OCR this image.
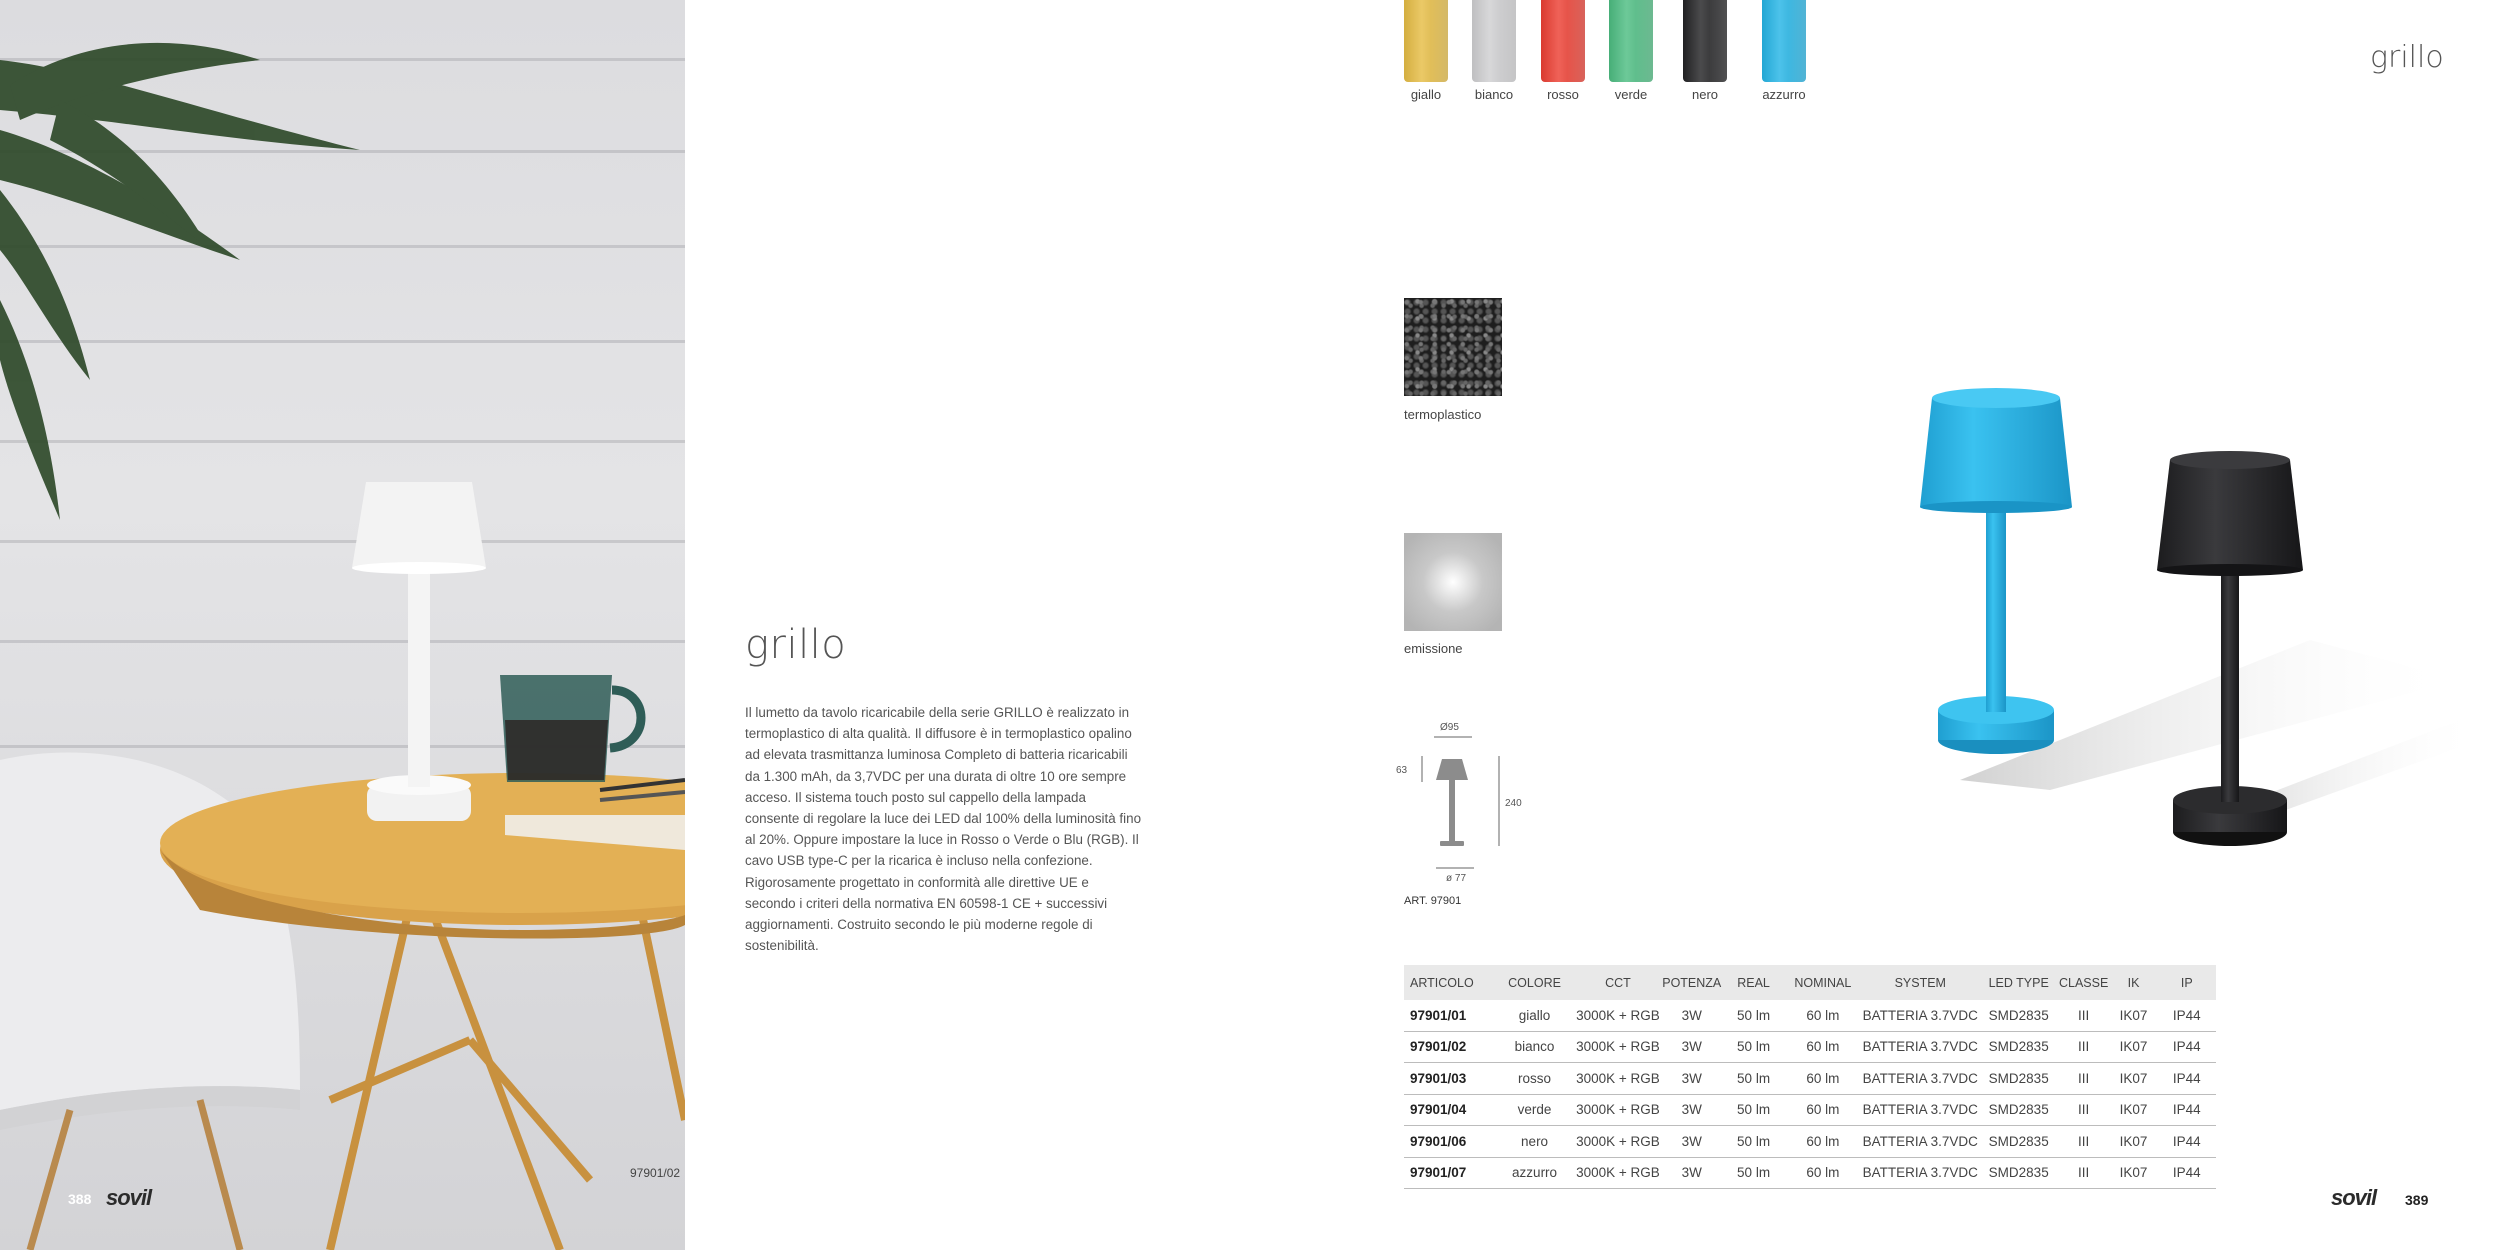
388 sovil
97901/02
grillo
Il lumetto da tavolo ricaricabile della serie GRILLO è realizzato in termoplastico di alta qualità. Il diffusore è in termoplastico opalino ad elevata trasmittanza luminosa Completo di batteria ricaricabili da 1.300 mAh, da 3,7VDC per una durata di oltre 10 ore sempre acceso. Il sistema touch posto sul cappello della lampada consente di regolare la luce dei LED dal 100% della luminosità fino al 20%. Oppure impostare la luce in Rosso o Verde o Blu (RGB). Il cavo USB type-C per la ricarica è incluso nella confezione. Rigorosamente progettato in conformità alle direttive UE e secondo i criteri della normativa EN 60598-1 CE + successivi aggiornamenti. Costruito secondo le più moderne regole di sostenibilità.
giallo	bianco	rosso	verde	nero	azzurro
termoplastico
emissione
Ø95
63
240
ø 77
ART. 97901
grillo
ARTICOLO	COLORE	CCT	POTENZA	REAL	NOMINAL	SYSTEM	LED TYPE	CLASSE	IK	IP
97901/01	giallo	3000K + RGB	3W	50 lm	60 lm	BATTERIA 3.7VDC	SMD2835	III	IK07	IP44
97901/02	bianco	3000K + RGB	3W	50 lm	60 lm	BATTERIA 3.7VDC	SMD2835	III	IK07	IP44
97901/03	rosso	3000K + RGB	3W	50 lm	60 lm	BATTERIA 3.7VDC	SMD2835	III	IK07	IP44
97901/04	verde	3000K + RGB	3W	50 lm	60 lm	BATTERIA 3.7VDC	SMD2835	III	IK07	IP44
97901/06	nero	3000K + RGB	3W	50 lm	60 lm	BATTERIA 3.7VDC	SMD2835	III	IK07	IP44
97901/07	azzurro	3000K + RGB	3W	50 lm	60 lm	BATTERIA 3.7VDC	SMD2835	III	IK07	IP44
sovil 389
